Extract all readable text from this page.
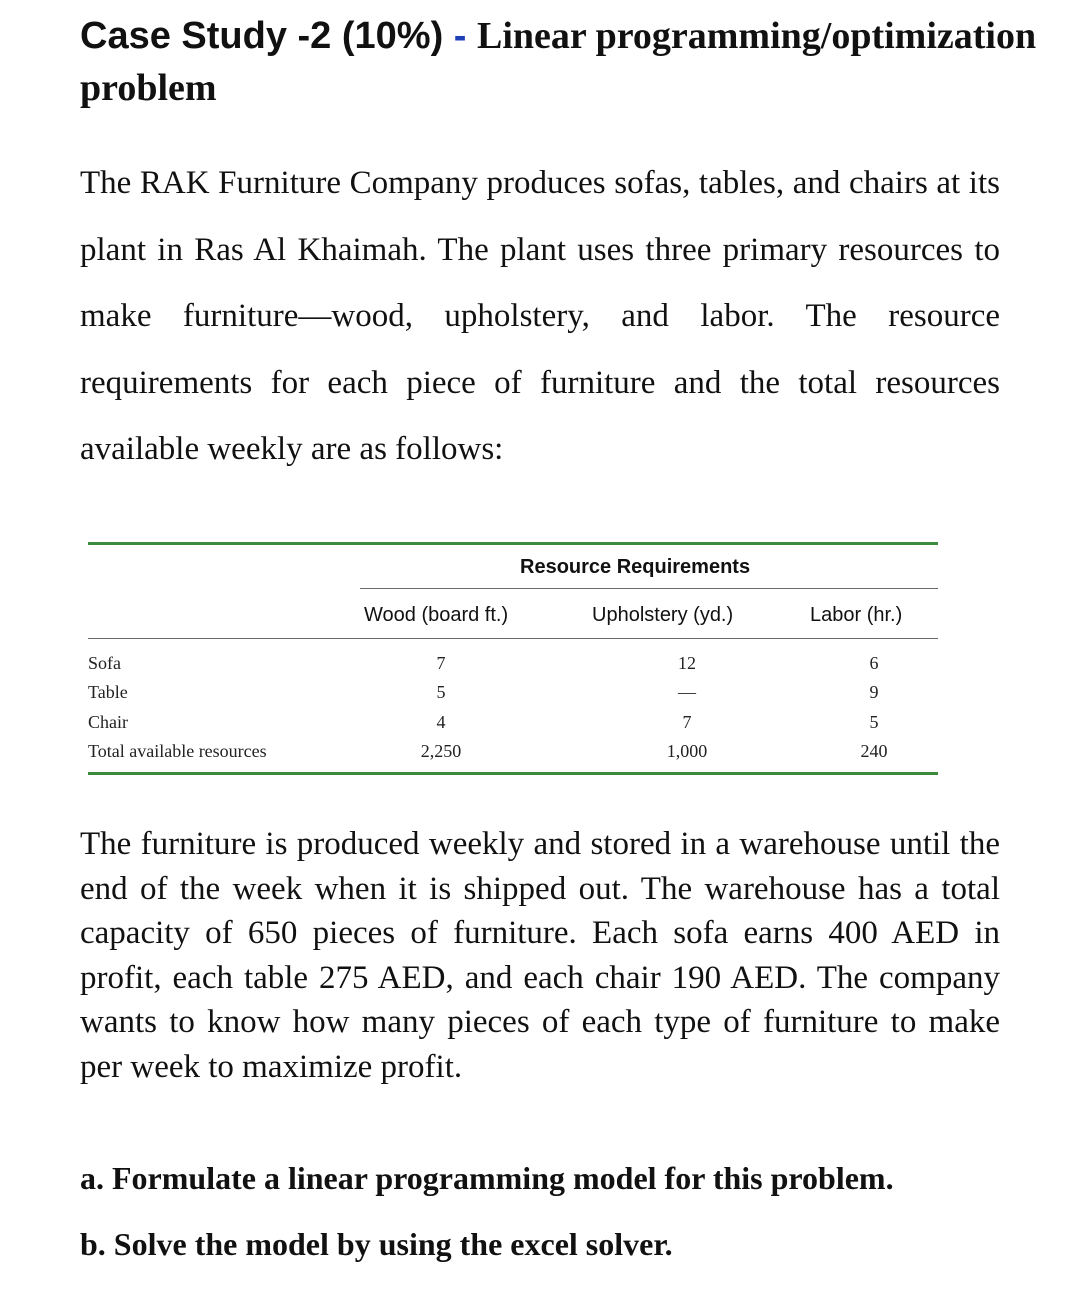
Case Study -2 (10%) - Linear programming/optimization problem
The RAK Furniture Company produces sofas, tables, and chairs at its plant in Ras Al Khaimah. The plant uses three primary resources to make furniture—wood, upholstery, and labor. The resource requirements for each piece of furniture and the total resources available weekly are as follows:
Resource Requirements
Wood (board ft.)	Upholstery (yd.)	Labor (hr.)
Sofa	7	12	6
Table	5	—	9
Chair	4	7	5
Total available resources	2,250	1,000	240
The furniture is produced weekly and stored in a warehouse until the end of the week when it is shipped out. The warehouse has a total capacity of 650 pieces of furniture. Each sofa earns 400 AED in profit, each table 275 AED, and each chair 190 AED. The company wants to know how many pieces of each type of furniture to make per week to maximize profit.
a. Formulate a linear programming model for this problem.
b. Solve the model by using the excel solver.
